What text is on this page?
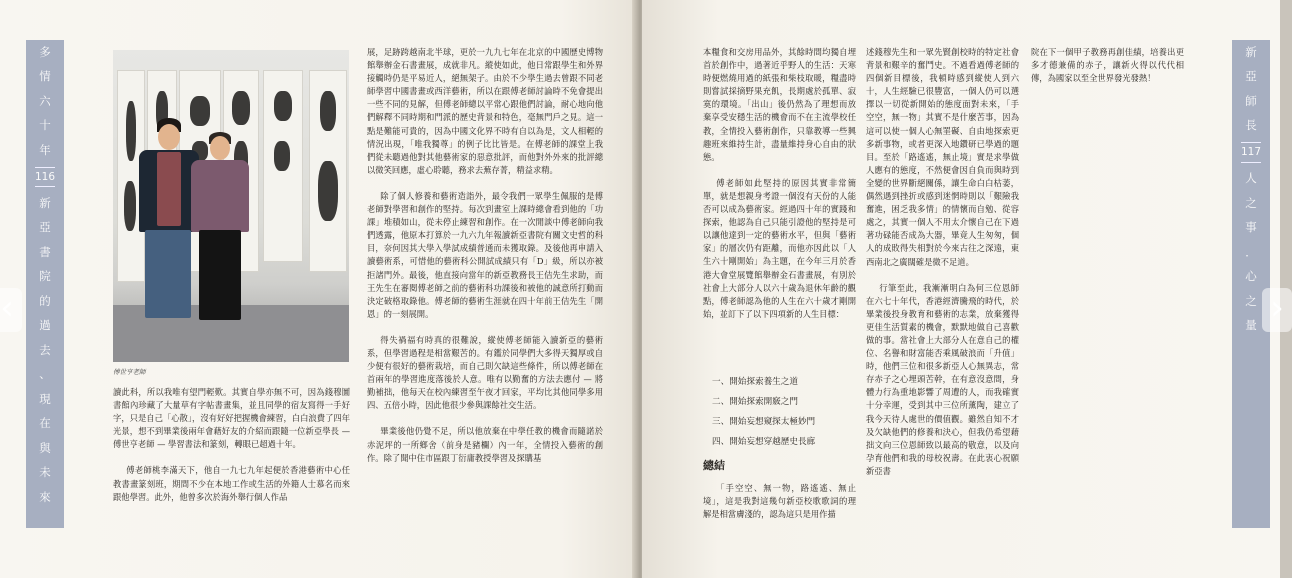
多
情
六
十
年
116
新
亞
書
院
的
過
去
、
現
在
與
未
來
傅世亨老師

讀此科，所以我唯有望門輕歎。其實自學亦無不可，因為錢穆圖書館內珍藏了大量草有字帖書畫集，並且同學的宿友寫得一手好字，只是自己「心散」，沒有好好把握機會練習，白白浪費了四年光景，想不到畢業後兩年會藉好友的介紹而跟隨一位新亞學長 — 傅世亨老師 — 學習書法和篆刻，轉眼已超過十年。

傅老師桃李滿天下，他自一九七九年起便於香港藝術中心任教書畫篆刻班，期間不少在本地工作或生活的外籍人士慕名而來跟他學習。此外，他曾多次於海外舉行個人作品

展，足跡跨越南北半球，更於一九九七年在北京的中國歷史博物館舉辦金石書畫展，成就非凡。縱使如此，他日常跟學生和外界接觸時仍是平易近人，絕無架子。由於不少學生過去曾跟不同老師學習中國書畫或西洋藝術，所以在跟傅老師討論時不免會提出一些不同的見解，但傅老師總以平常心跟他們討論，耐心地向他們解釋不同時期和門派的歷史背景和特色，毫無門戶之見。這一點是難能可貴的，因為中國文化界不時有自以為是，文人相輕的情況出現，「唯我獨尊」的例子比比皆是。在傅老師的課堂上我們從未聽過他對其他藝術家的惡意批評，而他對外外來的批評總以微笑回應，虛心聆聽，務求去蕪存菁，精益求精。

除了個人修養和藝術造詣外，最令我們一眾學生佩服的是傅老師對學習和創作的堅持。每次到畫室上課時總會看到他的「功課」堆積如山，從未停止練習和創作。在一次閒談中傅老師向我們透露，他原本打算於一九六九年報讀新亞書院有關文史哲的科目，奈何因其大學入學試成績普通而未獲取錄。及後他再申請入讀藝術系，可惜他的藝術科公開試成績只有「D」級，所以亦被拒諸門外。最後，他直接向當年的新亞教務長王佶先生求助，而王先生在審閱傅老師之前的藝術科功課後和被他的誠意所打動而決定破格取錄他。傅老師的藝術生涯就在四十年前王佶先生「開恩」的一刻展開。

得失禍福有時真的很難說，縱使傅老師能入讀新亞的藝術系，但學習過程是相當艱苦的。有鑑於同學們大多得天獨厚或自少便有很好的藝術栽培，而自己則欠缺這些條件，所以傅老師在首兩年的學習進度落後於人意。唯有以勤奮的方法去應付 — 將勤補拙，他每天在校內練習至午夜才回家，平均比其他同學多用四、五倍小時，因此他很少參與課餘社交生活。

畢業後他仍覺不足，所以他放棄在中學任教的機會而隨諾於赤泥坪的一所鄉舍（前身是豬欄）內一年，全情投入藝術的創作。除了聞中住市區跟丁衍庸教授學習及探購基

本糧食和交房用品外，其餘時間均獨自埋首於創作中，過著近乎野人的生活：天寒時便燃燒用過的紙張和柴枝取暖，糧盡時則嘗試採摘野果充飢，長期處於孤單、寂寞的環境。「出山」後仍然為了理想而放棄享受安穩生活的機會而不在主流學校任教，全情投入藝術創作，只靠教導一些興趣班來維持生計，盡量維持身心自由的狀態。

傅老師如此堅持的原因其實非常簡單，就是想親身考證一個沒有天份的人能否可以成為藝術家。經過四十年的實踐和探索，他認為自己只能引證他的堅持是可以讓他達到一定的藝術水平，但與「藝術家」的層次仍有距離，而他亦因此以「人生六十剛開始」為主題，在今年三月於香港大會堂展覽館舉辦金石書畫展，有別於社會上大部分人以六十歲為退休年齡的觀點，傅老師認為他的人生在六十歲才剛開始，並訂下了以下四項新的人生目標：

一、開始探索養生之道
二、開始探索開竅之門
三、開始妄想窺探太極妙門
四、開始妄想穿越歷史長廊
總結

「手空空、無一物，路遙遙、無止境」，這是我對這幾句新亞校歌歌詞的理解是相當膚淺的，認為這只是用作描

述錢穆先生和一眾先賢創校時的特定社會背景和艱辛的奮鬥史。不過看過傅老師的四個新目標後，我頓時感到縱使人到六十，人生經驗已很豐富，一個人仍可以選擇以一切從新開始的態度面對未來，「手空空，無一物」其實不是什麼苦事，因為這可以使一個人心無罣礙、自由地探索更多新事物，或者更深入地鑽研已學過的題目。至於「路遙遙，無止境」實是求學做人應有的態度，不然便會因自負而與時到全變的世界斷絕關係，讓生命白白枯萎，偶然遇到挫折或感到迷惘時則以「艱險我奮進，困乏我多情」的情懷而自勉、從容處之，其實一個人不用太介懷自己在下過著功碌能否成為大器，畢竟人生匆匆，個人的成敗得失相對於今來古往之深遠，東西南北之廣闊確是微不足道。

行筆至此，我漸漸明白為何三位恩師在六七十年代，香港經濟騰飛的時代，於畢業後投身教育和藝術的志業，放棄獲得更佳生活質素的機會，默默地做自己喜歡做的事。當社會上大部分人在意自己的權位、名譽和財富能否乘風破浪而「升值」時，他們三位和很多新亞人心無異志，常存赤子之心埋頭苦幹，在有意沒意間，身體力行為重地影響了周遭的人，而我確實十分幸運，受到其中三位所薰陶，建立了我今天待人處世的價值觀。雖然自知不才及欠缺他們的修養和決心，但我仍希望藉拙文向三位恩師致以最高的敬意，以及向孕育他們和我的母校祝壽。在此衷心祝願新亞書

院在下一個甲子教務再創佳績，培養出更多才德兼備的赤子，讓新火得以代代相傳，為國家以至全世界發光發熱！

新
亞
師
長
117
人
之
事
．
心
之
量
‹	›
